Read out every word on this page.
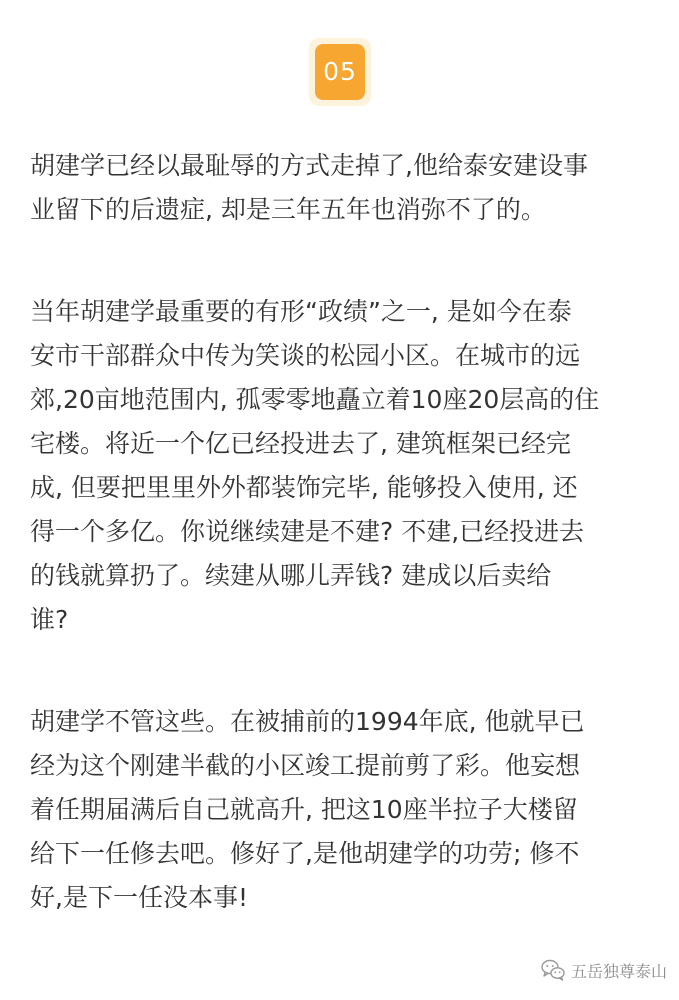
05
胡建学已经以最耻辱的方式走掉了,他给泰安建设事
业留下的后遗症, 却是三年五年也消弥不了的。
当年胡建学最重要的有形“政绩”之一, 是如今在泰
安市干部群众中传为笑谈的松园小区。在城市的远
郊,20亩地范围内, 孤零零地矗立着10座20层高的住
宅楼。将近一个亿已经投进去了, 建筑框架已经完
成, 但要把里里外外都装饰完毕, 能够投入使用, 还
得一个多亿。你说继续建是不建? 不建,已经投进去
的钱就算扔了。续建从哪儿弄钱? 建成以后卖给
谁?
胡建学不管这些。在被捕前的1994年底, 他就早已
经为这个刚建半截的小区竣工提前剪了彩。他妄想
着任期届满后自己就高升, 把这10座半拉子大楼留
给下一任修去吧。修好了,是他胡建学的功劳; 修不
好,是下一任没本事!
五岳独尊泰山
